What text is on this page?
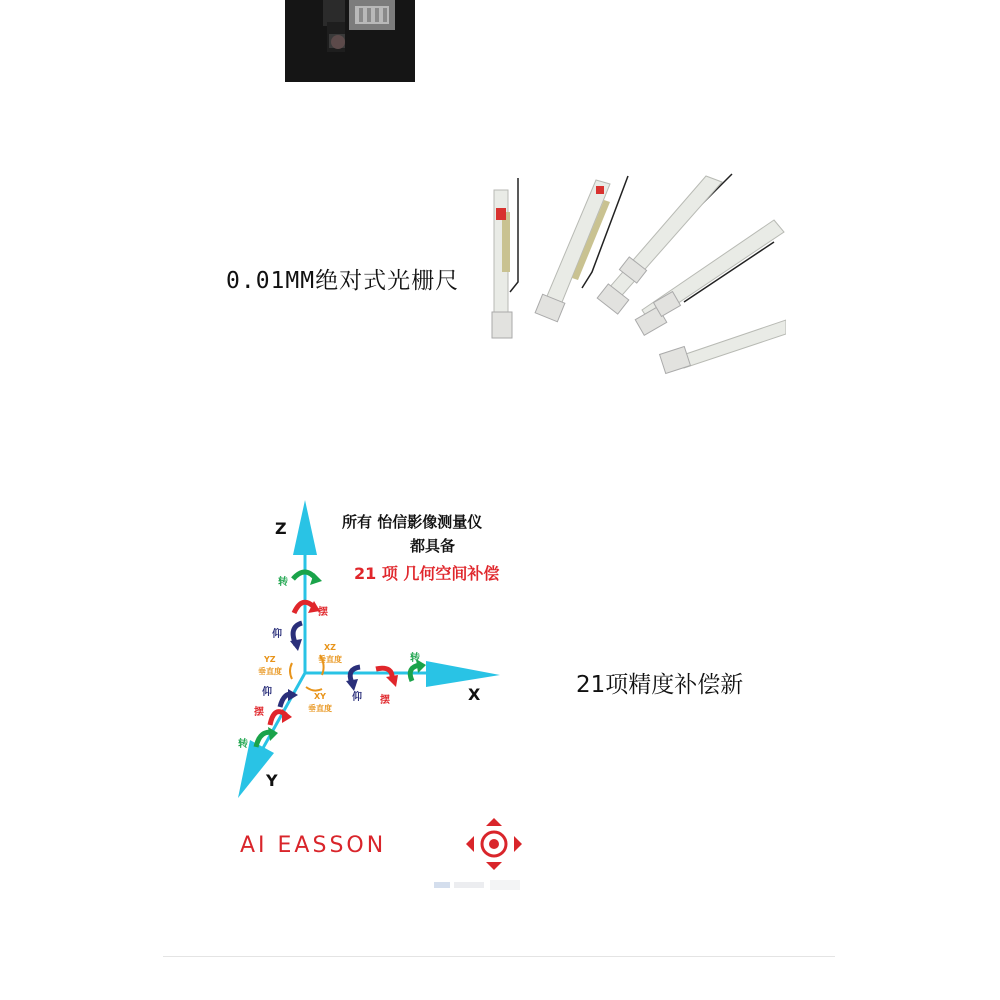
0.01MM绝对式光栅尺
所有 怡信影像测量仪
都具备
21 项 几何空间补偿
Z
X
Y
转
摆
仰
转
摆
仰
仰
摆
转
XZ
垂直度
YZ
垂直度
XY
垂直度
21项精度补偿新
AI EASSON
